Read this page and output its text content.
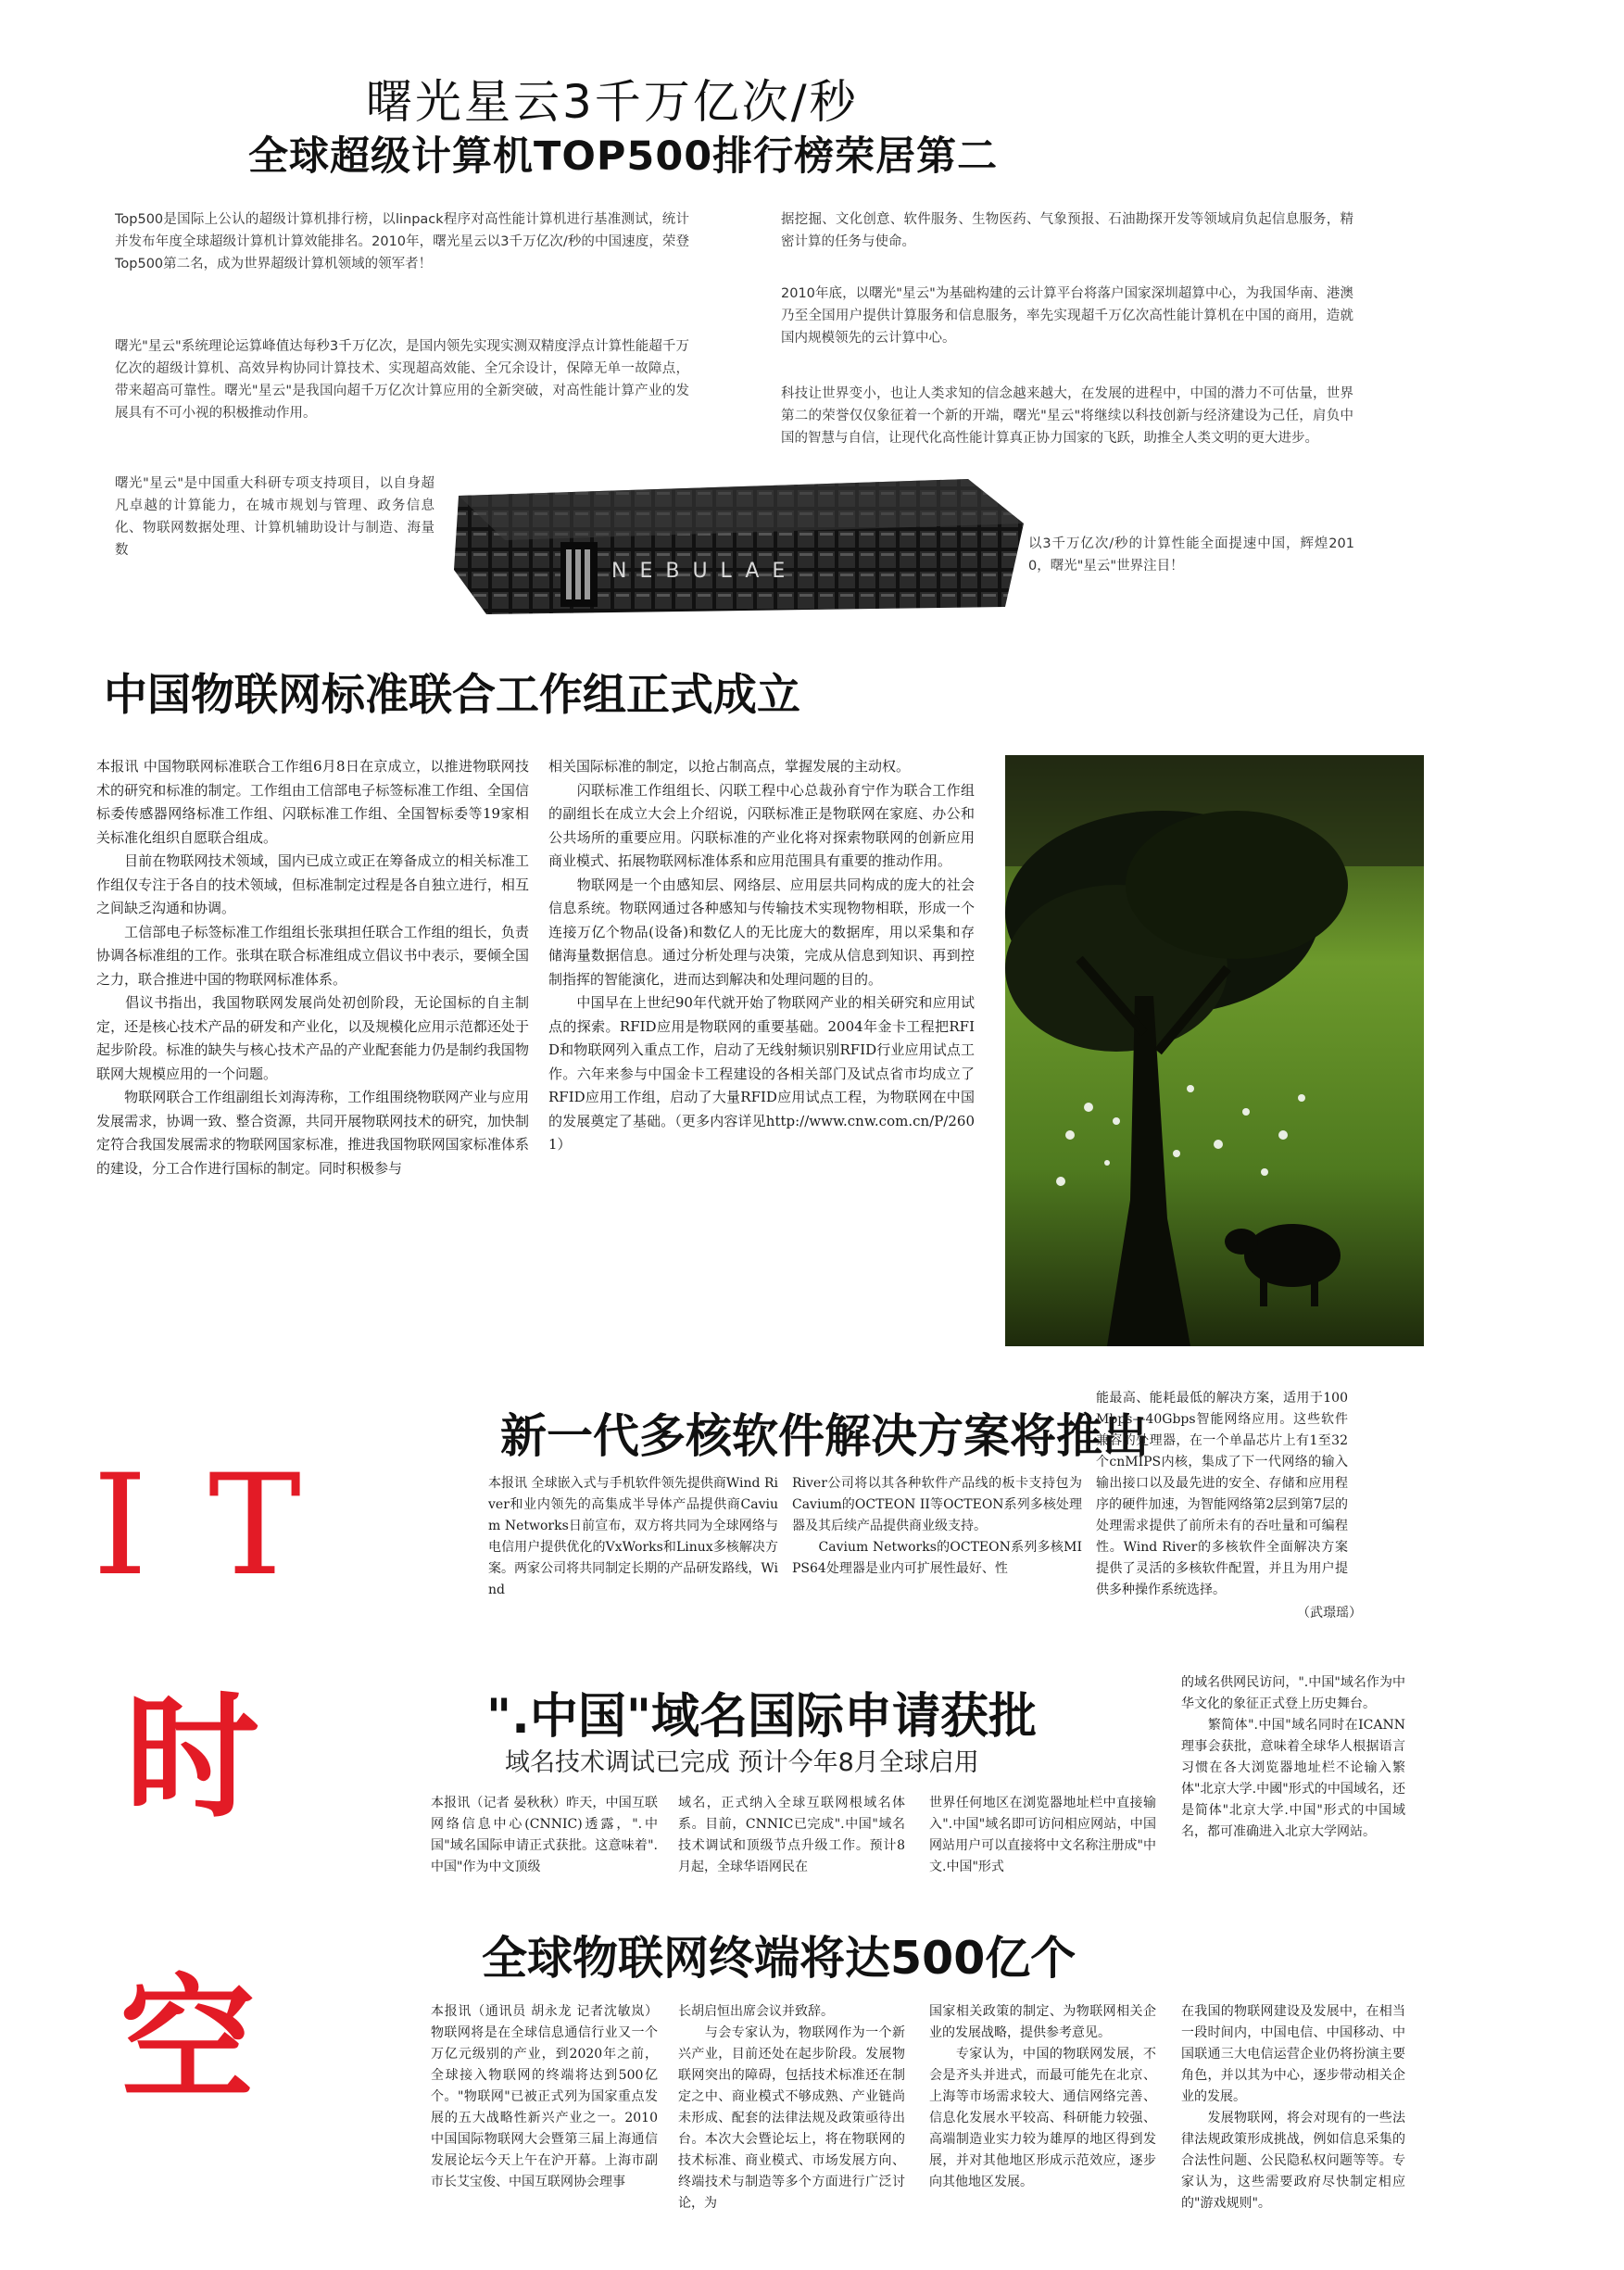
曙光星云3千万亿次/秒
全球超级计算机TOP500排行榜荣居第二
Top500是国际上公认的超级计算机排行榜，以linpack程序对高性能计算机进行基准测试，统计并发布年度全球超级计算机计算效能排名。2010年，曙光星云以3千万亿次/秒的中国速度，荣登Top500第二名，成为世界超级计算机领域的领军者！
曙光"星云"系统理论运算峰值达每秒3千万亿次，是国内领先实现实测双精度浮点计算性能超千万亿次的超级计算机、高效异构协同计算技术、实现超高效能、全冗余设计，保障无单一故障点，带来超高可靠性。曙光"星云"是我国向超千万亿次计算应用的全新突破，对高性能计算产业的发展具有不可小视的积极推动作用。
曙光"星云"是中国重大科研专项支持项目，以自身超凡卓越的计算能力，在城市规划与管理、政务信息化、物联网数据处理、计算机辅助设计与制造、海量数
据挖掘、文化创意、软件服务、生物医药、气象预报、石油勘探开发等领域肩负起信息服务，精密计算的任务与使命。
2010年底，以曙光"星云"为基础构建的云计算平台将落户国家深圳超算中心，为我国华南、港澳乃至全国用户提供计算服务和信息服务，率先实现超千万亿次高性能计算机在中国的商用，造就国内规模领先的云计算中心。
科技让世界变小，也让人类求知的信念越来越大，在发展的进程中，中国的潜力不可估量，世界第二的荣誉仅仅象征着一个新的开端，曙光"星云"将继续以科技创新与经济建设为己任，肩负中国的智慧与自信，让现代化高性能计算真正协力国家的飞跃，助推全人类文明的更大进步。
以3千万亿次/秒的计算性能全面提速中国，辉煌2010，曙光"星云"世界注目！
NEBULAE
中国物联网标准联合工作组正式成立
本报讯 中国物联网标准联合工作组6月8日在京成立，以推进物联网技术的研究和标准的制定。工作组由工信部电子标签标准工作组、全国信标委传感器网络标准工作组、闪联标准工作组、全国智标委等19家相关标准化组织自愿联合组成。
　　目前在物联网技术领域，国内已成立或正在筹备成立的相关标准工作组仅专注于各自的技术领域，但标准制定过程是各自独立进行，相互之间缺乏沟通和协调。
　　工信部电子标签标准工作组组长张琪担任联合工作组的组长，负责协调各标准组的工作。张琪在联合标准组成立倡议书中表示，要倾全国之力，联合推进中国的物联网标准体系。
　　倡议书指出，我国物联网发展尚处初创阶段，无论国标的自主制定，还是核心技术产品的研发和产业化，以及规模化应用示范都还处于起步阶段。标准的缺失与核心技术产品的产业配套能力仍是制约我国物联网大规模应用的一个问题。
　　物联网联合工作组副组长刘海涛称，工作组围绕物联网产业与应用发展需求，协调一致、整合资源，共同开展物联网技术的研究，加快制定符合我国发展需求的物联网国家标准，推进我国物联网国家标准体系的建设，分工合作进行国标的制定。同时积极参与
相关国际标准的制定，以抢占制高点，掌握发展的主动权。
　　闪联标准工作组组长、闪联工程中心总裁孙育宁作为联合工作组的副组长在成立大会上介绍说，闪联标准正是物联网在家庭、办公和公共场所的重要应用。闪联标准的产业化将对探索物联网的创新应用商业模式、拓展物联网标准体系和应用范围具有重要的推动作用。
　　物联网是一个由感知层、网络层、应用层共同构成的庞大的社会信息系统。物联网通过各种感知与传输技术实现物物相联，形成一个连接万亿个物品(设备)和数亿人的无比庞大的数据库，用以采集和存储海量数据信息。通过分析处理与决策，完成从信息到知识、再到控制指挥的智能演化，进而达到解决和处理问题的目的。
　　中国早在上世纪90年代就开始了物联网产业的相关研究和应用试点的探索。RFID应用是物联网的重要基础。2004年金卡工程把RFID和物联网列入重点工作，启动了无线射频识别RFID行业应用试点工作。六年来参与中国金卡工程建设的各相关部门及试点省市均成立了RFID应用工作组，启动了大量RFID应用试点工程，为物联网在中国的发展奠定了基础。（更多内容详见http://www.cnw.com.cn/P/2601）
I T
时
空
新一代多核软件解决方案将推出
本报讯 全球嵌入式与手机软件领先提供商Wind River和业内领先的高集成半导体产品提供商Cavium Networks日前宣布，双方将共同为全球网络与电信用户提供优化的VxWorks和Linux多核解决方案。两家公司将共同制定长期的产品研发路线，Wind
River公司将以其各种软件产品线的板卡支持包为Cavium的OCTEON II等OCTEON系列多核处理器及其后续产品提供商业级支持。
　　Cavium Networks的OCTEON系列多核MIPS64处理器是业内可扩展性最好、性
能最高、能耗最低的解决方案，适用于100Mbps—40Gbps智能网络应用。这些软件兼容的处理器，在一个单晶芯片上有1至32个cnMIPS内核，集成了下一代网络的输入输出接口以及最先进的安全、存储和应用程序的硬件加速，为智能网络第2层到第7层的处理需求提供了前所未有的吞吐量和可编程性。Wind River的多核软件全面解决方案提供了灵活的多核软件配置，并且为用户提供多种操作系统选择。
（武璟瑶）
".中国"域名国际申请获批
域名技术调试已完成 预计今年8月全球启用
本报讯（记者 晏秋秋）昨天，中国互联网络信息中心(CNNIC)透露，".中国"域名国际申请正式获批。这意味着".中国"作为中文顶级
域名，正式纳入全球互联网根域名体系。目前，CNNIC已完成".中国"域名技术调试和顶级节点升级工作。预计8月起，全球华语网民在
世界任何地区在浏览器地址栏中直接输入".中国"域名即可访问相应网站，中国网站用户可以直接将中文名称注册成"中文.中国"形式
的域名供网民访问，".中国"域名作为中华文化的象征正式登上历史舞台。
　　繁简体".中国"域名同时在ICANN理事会获批，意味着全球华人根据语言习惯在各大浏览器地址栏不论输入繁体"北京大学.中國"形式的中国域名，还是简体"北京大学.中国"形式的中国域名，都可准确进入北京大学网站。
全球物联网终端将达500亿个
本报讯（通讯员 胡永龙 记者沈敏岚）物联网将是在全球信息通信行业又一个万亿元级别的产业，到2020年之前，全球接入物联网的终端将达到500亿个。"物联网"已被正式列为国家重点发展的五大战略性新兴产业之一。2010中国国际物联网大会暨第三届上海通信发展论坛今天上午在沪开幕。上海市副市长艾宝俊、中国互联网协会理事
长胡启恒出席会议并致辞。
　　与会专家认为，物联网作为一个新兴产业，目前还处在起步阶段。发展物联网突出的障碍，包括技术标准还在制定之中、商业模式不够成熟、产业链尚未形成、配套的法律法规及政策亟待出台。本次大会暨论坛上，将在物联网的技术标准、商业模式、市场发展方向、终端技术与制造等多个方面进行广泛讨论，为
国家相关政策的制定、为物联网相关企业的发展战略，提供参考意见。
　　专家认为，中国的物联网发展，不会是齐头并进式，而最可能先在北京、上海等市场需求较大、通信网络完善、信息化发展水平较高、科研能力较强、高端制造业实力较为雄厚的地区得到发展，并对其他地区形成示范效应，逐步向其他地区发展。
在我国的物联网建设及发展中，在相当一段时间内，中国电信、中国移动、中国联通三大电信运营企业仍将扮演主要角色，并以其为中心，逐步带动相关企业的发展。
　　发展物联网，将会对现有的一些法律法规政策形成挑战，例如信息采集的合法性问题、公民隐私权问题等等。专家认为，这些需要政府尽快制定相应的"游戏规则"。
